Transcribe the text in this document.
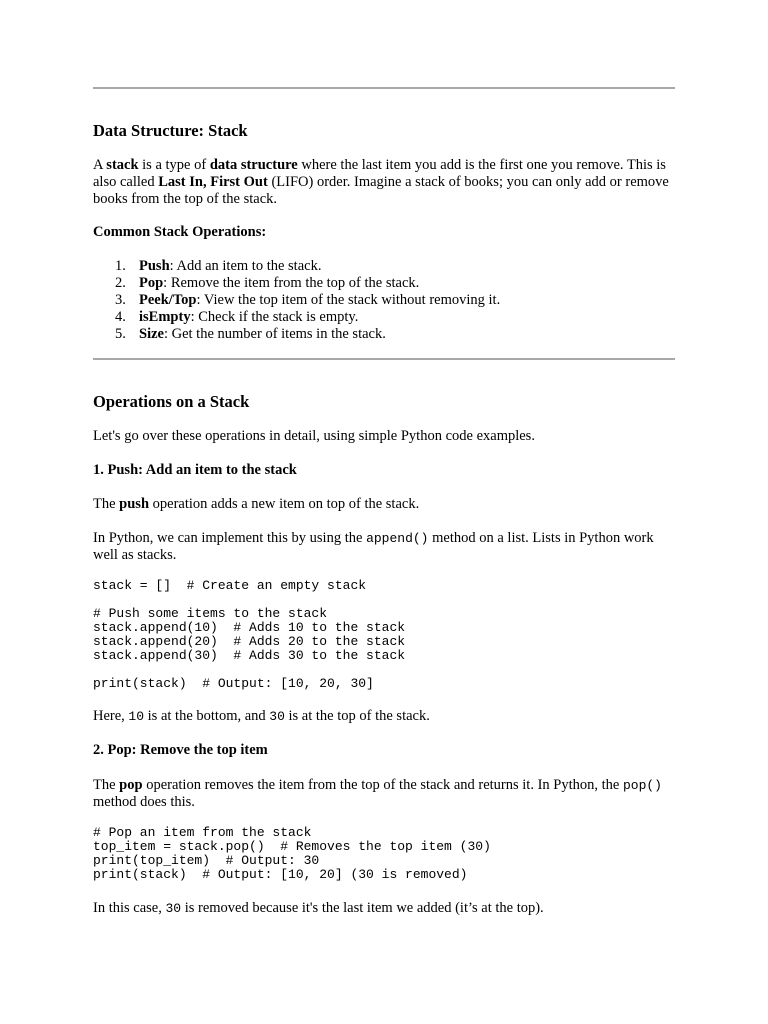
Data Structure: Stack

A stack is a type of data structure where the last item you add is the first one you remove. This is also called Last In, First Out (LIFO) order. Imagine a stack of books; you can only add or remove books from the top of the stack.

Common Stack Operations:

1. Push: Add an item to the stack.
2. Pop: Remove the item from the top of the stack.
3. Peek/Top: View the top item of the stack without removing it.
4. isEmpty: Check if the stack is empty.
5. Size: Get the number of items in the stack.
Operations on a Stack

Let's go over these operations in detail, using simple Python code examples.

1. Push: Add an item to the stack

The push operation adds a new item on top of the stack.

In Python, we can implement this by using the append() method on a list. Lists in Python work well as stacks.

stack = []  # Create an empty stack

# Push some items to the stack
stack.append(10)  # Adds 10 to the stack
stack.append(20)  # Adds 20 to the stack
stack.append(30)  # Adds 30 to the stack

print(stack)  # Output: [10, 20, 30]

Here, 10 is at the bottom, and 30 is at the top of the stack.

2. Pop: Remove the top item

The pop operation removes the item from the top of the stack and returns it. In Python, the pop() method does this.

# Pop an item from the stack
top_item = stack.pop()  # Removes the top item (30)
print(top_item)  # Output: 30
print(stack)  # Output: [10, 20] (30 is removed)

In this case, 30 is removed because it's the last item we added (it’s at the top).
